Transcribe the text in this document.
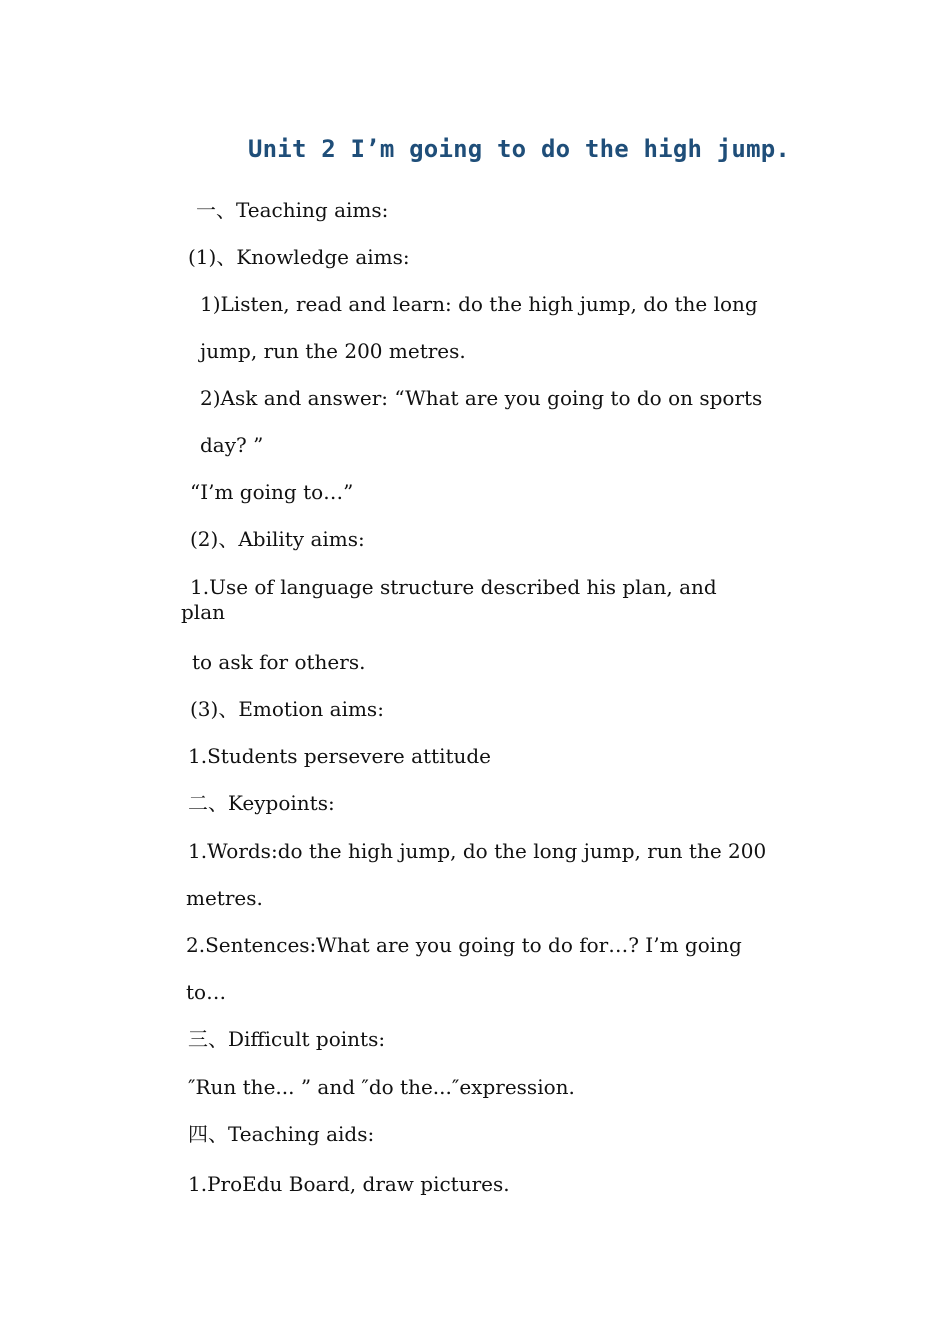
Unit 2 I’m going to do the high jump.

一、Teaching aims:

(1)、Knowledge aims:

1)Listen, read and learn: do the high jump, do the long

jump, run the 200 metres.

2)Ask and answer: “What are you going to do on sports

day? ”

“I’m going to…”

(2)、Ability aims:

1.Use of language structure described his plan, and

plan

to ask for others.

(3)、Emotion aims:

1.Students persevere attitude

二、Keypoints:

1.Words:do the high jump, do the long jump, run the 200

metres.

2.Sentences:What are you going to do for…? I’m going

to…

三、Difficult points:

″Run the... ” and ″do the...″expression.

四、Teaching aids:

1.ProEdu Board, draw pictures.
